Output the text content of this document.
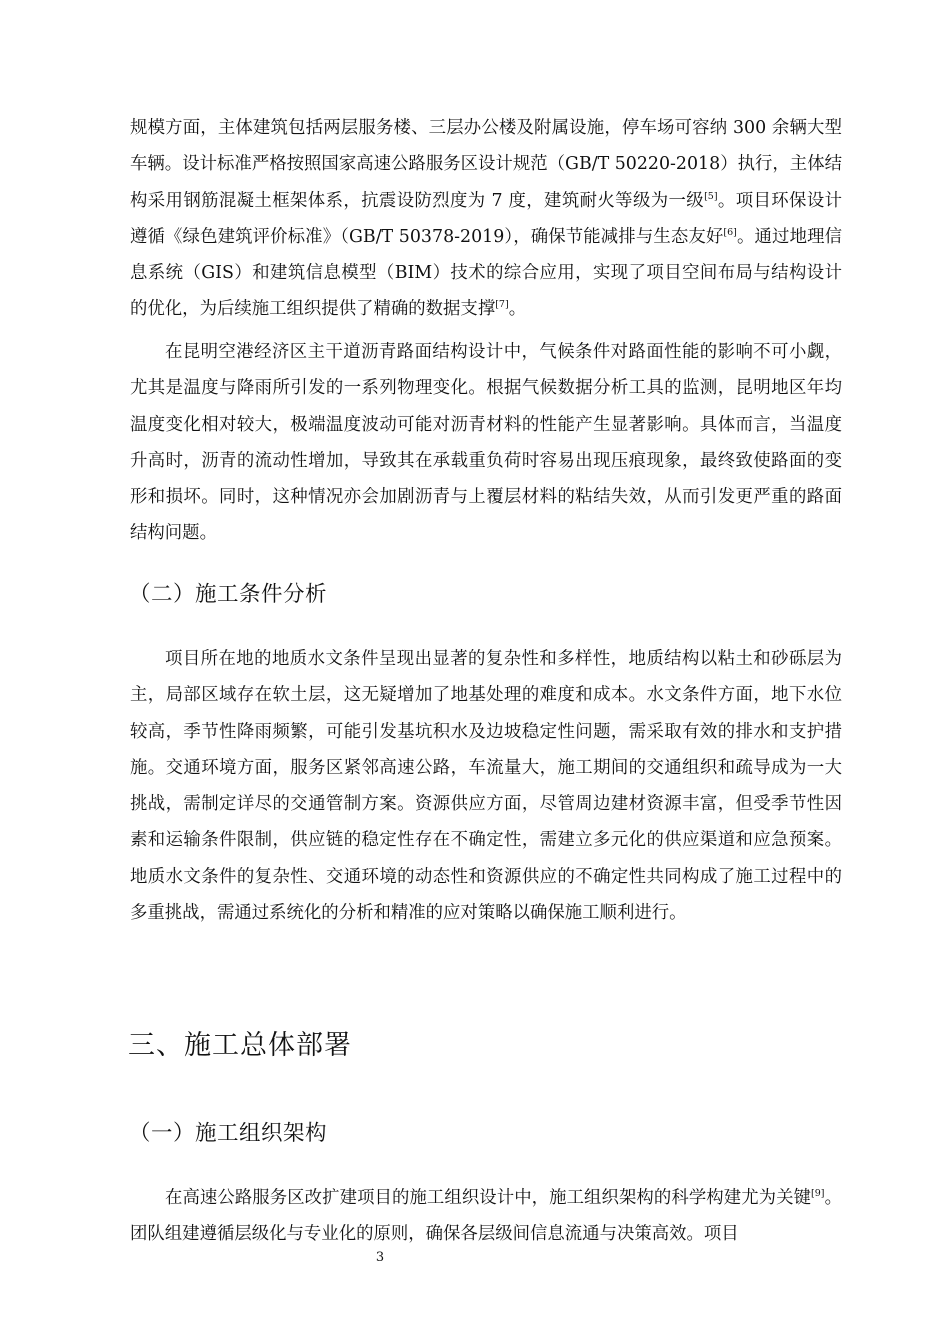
规模方面，主体建筑包括两层服务楼、三层办公楼及附属设施，停车场可容纳 300 余辆大型车辆。设计标准严格按照国家高速公路服务区设计规范（GB/T 50220-2018）执行，主体结构采用钢筋混凝土框架体系，抗震设防烈度为 7 度，建筑耐火等级为一级[5]。项目环保设计遵循《绿色建筑评价标准》（GB/T 50378-2019），确保节能减排与生态友好[6]。通过地理信息系统（GIS）和建筑信息模型（BIM）技术的综合应用，实现了项目空间布局与结构设计的优化，为后续施工组织提供了精确的数据支撑[7]。

在昆明空港经济区主干道沥青路面结构设计中，气候条件对路面性能的影响不可小觑，尤其是温度与降雨所引发的一系列物理变化。根据气候数据分析工具的监测，昆明地区年均温度变化相对较大，极端温度波动可能对沥青材料的性能产生显著影响。具体而言，当温度升高时，沥青的流动性增加，导致其在承载重负荷时容易出现压痕现象，最终致使路面的变形和损坏。同时，这种情况亦会加剧沥青与上覆层材料的粘结失效，从而引发更严重的路面结构问题。

（二）施工条件分析

项目所在地的地质水文条件呈现出显著的复杂性和多样性，地质结构以粘土和砂砾层为主，局部区域存在软土层，这无疑增加了地基处理的难度和成本。水文条件方面，地下水位较高，季节性降雨频繁，可能引发基坑积水及边坡稳定性问题，需采取有效的排水和支护措施。交通环境方面，服务区紧邻高速公路，车流量大，施工期间的交通组织和疏导成为一大挑战，需制定详尽的交通管制方案。资源供应方面，尽管周边建材资源丰富，但受季节性因素和运输条件限制，供应链的稳定性存在不确定性，需建立多元化的供应渠道和应急预案。地质水文条件的复杂性、交通环境的动态性和资源供应的不确定性共同构成了施工过程中的多重挑战，需通过系统化的分析和精准的应对策略以确保施工顺利进行。

三、施工总体部署
（一）施工组织架构

在高速公路服务区改扩建项目的施工组织设计中，施工组织架构的科学构建尤为关键[9]。团队组建遵循层级化与专业化的原则，确保各层级间信息流通与决策高效。项目

3
